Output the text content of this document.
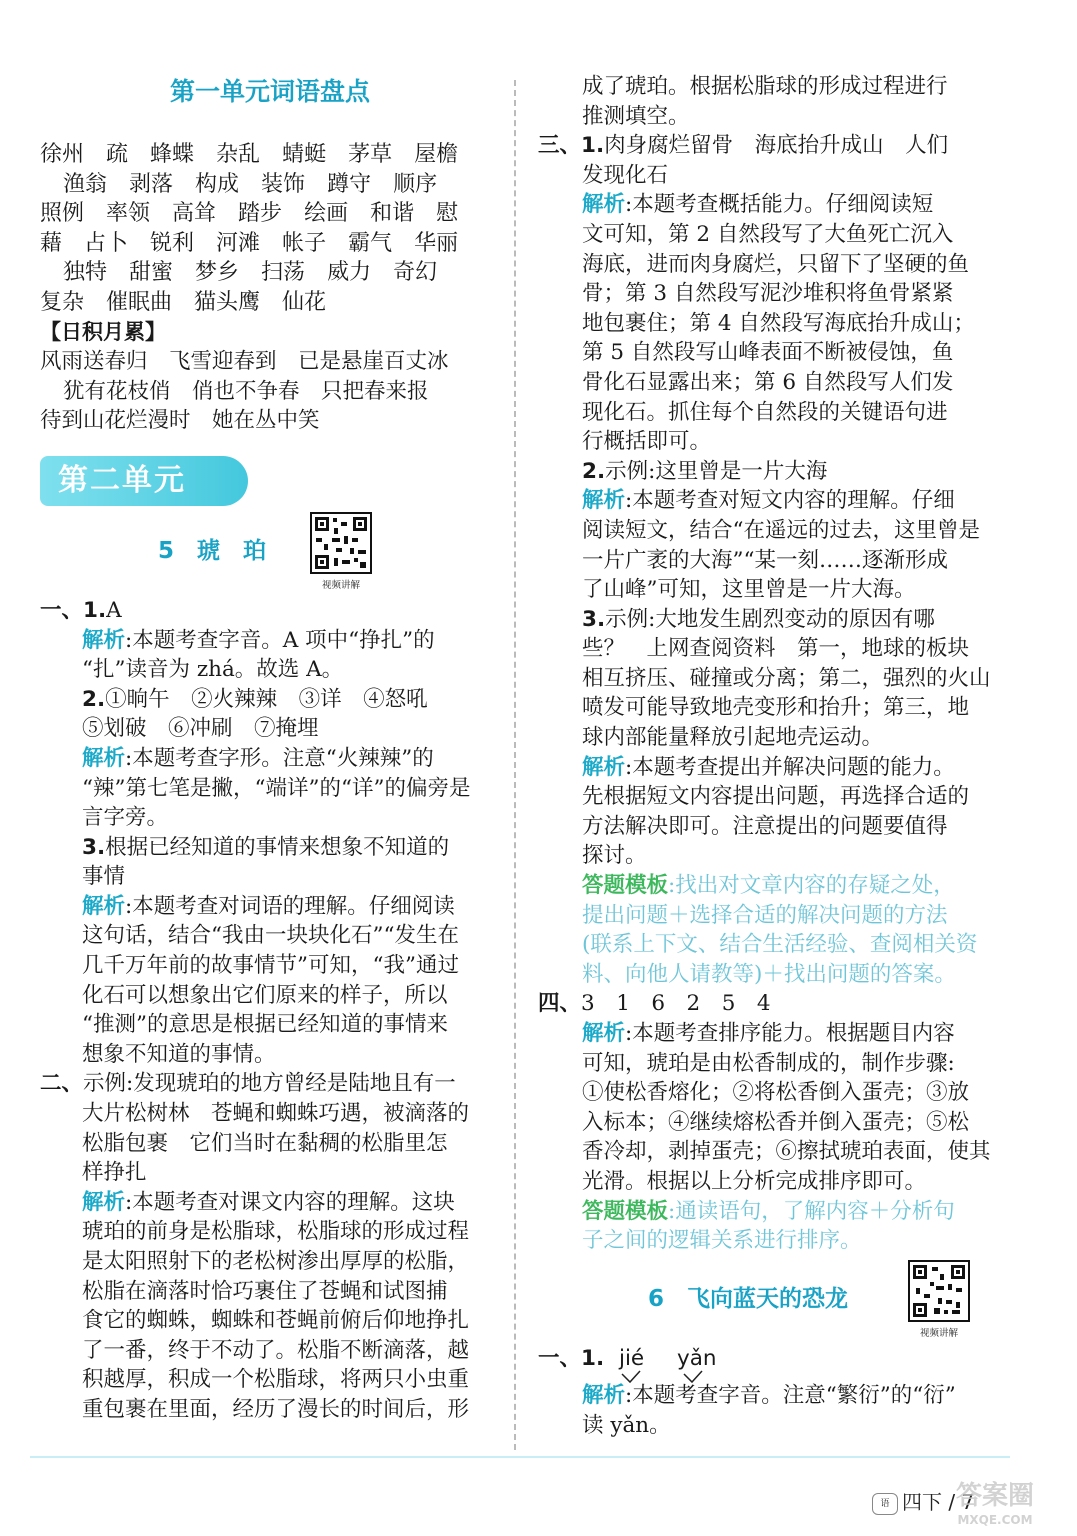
第一单元词语盘点
徐州 疏 蜂蝶 杂乱 蜻蜓 茅草 屋檐
渔翁 剥落 构成 装饰 蹲守 顺序
照例 率领 高耸 踏步 绘画 和谐 慰
藉 占卜 锐利 河滩 帐子 霸气 华丽
独特 甜蜜 梦乡 扫荡 威力 奇幻
复杂 催眠曲 猫头鹰 仙花
【日积月累】
风雨送春归　飞雪迎春到　已是悬崖百丈冰
犹有花枝俏　俏也不争春　只把春来报
待到山花烂漫时　她在丛中笑
第二单元
5　琥　珀
视频讲解
一、1.A
解析:本题考查字音。A 项中“挣扎”的
“扎”读音为 zhá。故选 A。
2.①晌午　②火辣辣　③详　④怒吼
⑤划破　⑥冲刷　⑦掩埋
解析:本题考查字形。注意“火辣辣”的
“辣”第七笔是撇，“端详”的“详”的偏旁是
言字旁。
3.根据已经知道的事情来想象不知道的
事情
解析:本题考查对词语的理解。仔细阅读
这句话，结合“我由一块块化石”“发生在
几千万年前的故事情节”可知，“我”通过
化石可以想象出它们原来的样子，所以
“推测”的意思是根据已经知道的事情来
想象不知道的事情。
二、示例:发现琥珀的地方曾经是陆地且有一
大片松树林　苍蝇和蜘蛛巧遇，被滴落的
松脂包裹　它们当时在黏稠的松脂里怎
样挣扎
解析:本题考查对课文内容的理解。这块
琥珀的前身是松脂球，松脂球的形成过程
是太阳照射下的老松树渗出厚厚的松脂，
松脂在滴落时恰巧裹住了苍蝇和试图捕
食它的蜘蛛，蜘蛛和苍蝇前俯后仰地挣扎
了一番，终于不动了。松脂不断滴落，越
积越厚，积成一个松脂球，将两只小虫重
重包裹在里面，经历了漫长的时间后，形
成了琥珀。根据松脂球的形成过程进行
推测填空。
三、1.肉身腐烂留骨　海底抬升成山　人们
发现化石
解析:本题考查概括能力。仔细阅读短
文可知，第 2 自然段写了大鱼死亡沉入
海底，进而肉身腐烂，只留下了坚硬的鱼
骨；第 3 自然段写泥沙堆积将鱼骨紧紧
地包裹住；第 4 自然段写海底抬升成山；
第 5 自然段写山峰表面不断被侵蚀，鱼
骨化石显露出来；第 6 自然段写人们发
现化石。抓住每个自然段的关键语句进
行概括即可。
2.示例:这里曾是一片大海
解析:本题考查对短文内容的理解。仔细
阅读短文，结合“在遥远的过去，这里曾是
一片广袤的大海”“某一刻……逐渐形成
了山峰”可知，这里曾是一片大海。
3.示例:大地发生剧烈变动的原因有哪
些？　上网查阅资料　第一，地球的板块
相互挤压、碰撞或分离；第二，强烈的火山
喷发可能导致地壳变形和抬升；第三，地
球内部能量释放引起地壳运动。
解析:本题考查提出并解决问题的能力。
先根据短文内容提出问题，再选择合适的
方法解决即可。注意提出的问题要值得
探讨。
答题模板:找出对文章内容的存疑之处，
提出问题＋选择合适的解决问题的方法
(联系上下文、结合生活经验、查阅相关资
料、向他人请教等)＋找出问题的答案。
四、3　1　6　2　5　4
解析:本题考查排序能力。根据题目内容
可知，琥珀是由松香制成的，制作步骤:
①使松香熔化；②将松香倒入蛋壳；③放
入标本；④继续熔松香并倒入蛋壳；⑤松
香冷却，剥掉蛋壳；⑥擦拭琥珀表面，使其
光滑。根据以上分析完成排序即可。
答题模板:通读语句，了解内容＋分析句
子之间的逻辑关系进行排序。
6　飞向蓝天的恐龙
视频讲解
一、1. jié yǎn
解析:本题考查字音。注意“繁衍”的“衍”
读 yǎn。
语 四下 / 7
答案圈
MXQE.COM
